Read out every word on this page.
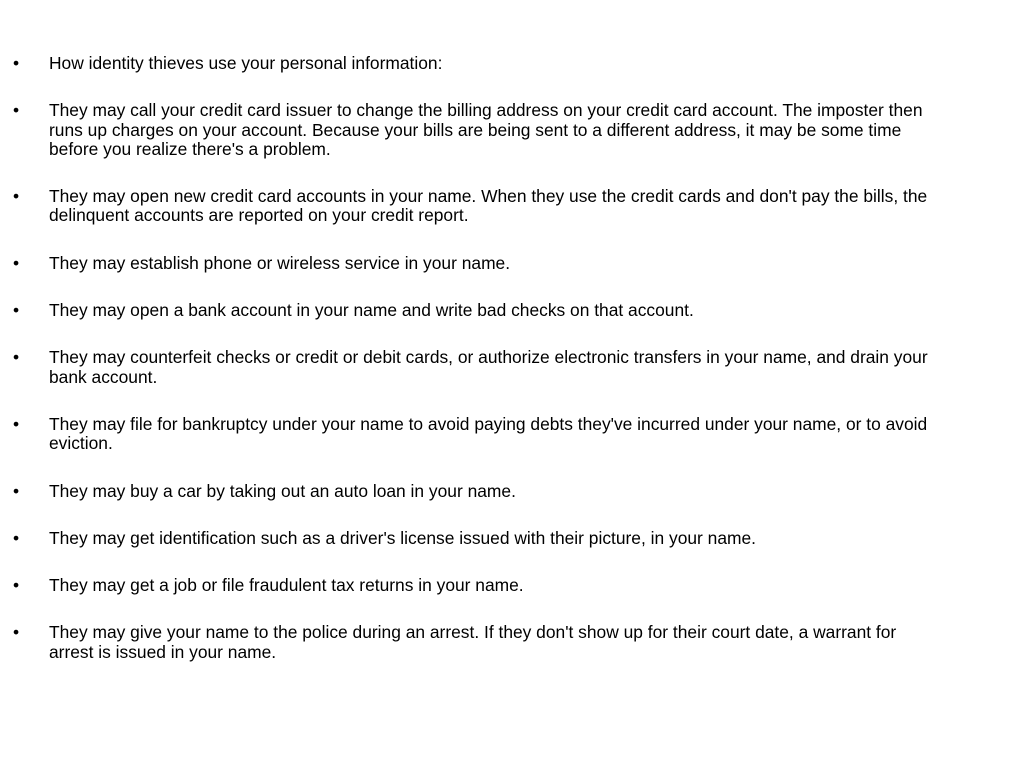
•	How identity thieves use your personal information:
•	They may call your credit card issuer to change the billing address on your credit card account. The imposter then runs up charges on your account. Because your bills are being sent to a different address, it may be some time before you realize there's a problem.
•	They may open new credit card accounts in your name. When they use the credit cards and don't pay the bills, the delinquent accounts are reported on your credit report.
•	They may establish phone or wireless service in your name.
•	They may open a bank account in your name and write bad checks on that account.
•	They may counterfeit checks or credit or debit cards, or authorize electronic transfers in your name, and drain your bank account.
•	They may file for bankruptcy under your name to avoid paying debts they've incurred under your name, or to avoid eviction.
•	They may buy a car by taking out an auto loan in your name.
•	They may get identification such as a driver's license issued with their picture, in your name.
•	They may get a job or file fraudulent tax returns in your name.
•	They may give your name to the police during an arrest. If they don't show up for their court date, a warrant for arrest is issued in your name.
